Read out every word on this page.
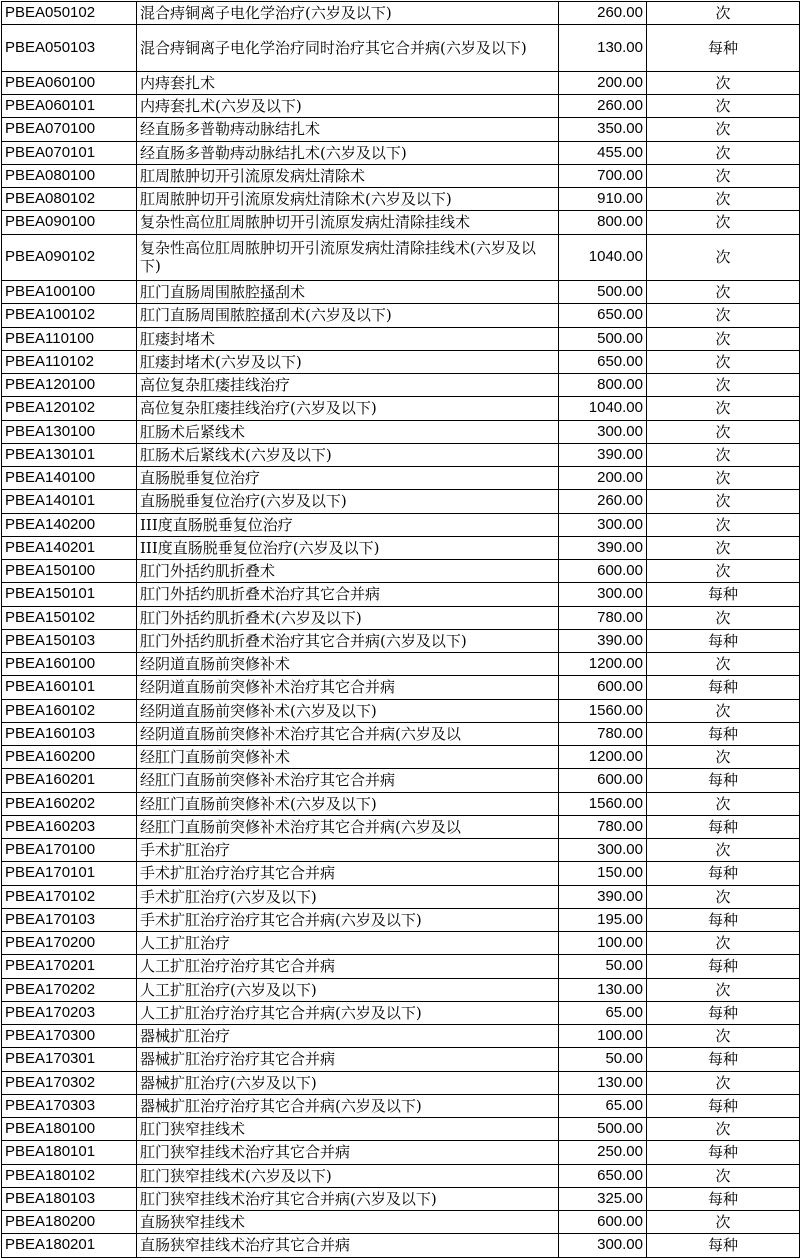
PBEA050102	混合痔铜离子电化学治疗(六岁及以下)	260.00	次
PBEA050103	混合痔铜离子电化学治疗同时治疗其它合并病(六岁及以下)	130.00	每种
PBEA060100	内痔套扎术	200.00	次
PBEA060101	内痔套扎术(六岁及以下)	260.00	次
PBEA070100	经直肠多普勒痔动脉结扎术	350.00	次
PBEA070101	经直肠多普勒痔动脉结扎术(六岁及以下)	455.00	次
PBEA080100	肛周脓肿切开引流原发病灶清除术	700.00	次
PBEA080102	肛周脓肿切开引流原发病灶清除术(六岁及以下)	910.00	次
PBEA090100	复杂性高位肛周脓肿切开引流原发病灶清除挂线术	800.00	次
PBEA090102	复杂性高位肛周脓肿切开引流原发病灶清除挂线术(六岁及以下)	1040.00	次
PBEA100100	肛门直肠周围脓腔搔刮术	500.00	次
PBEA100102	肛门直肠周围脓腔搔刮术(六岁及以下)	650.00	次
PBEA110100	肛瘘封堵术	500.00	次
PBEA110102	肛瘘封堵术(六岁及以下)	650.00	次
PBEA120100	高位复杂肛瘘挂线治疗	800.00	次
PBEA120102	高位复杂肛瘘挂线治疗(六岁及以下)	1040.00	次
PBEA130100	肛肠术后紧线术	300.00	次
PBEA130101	肛肠术后紧线术(六岁及以下)	390.00	次
PBEA140100	直肠脱垂复位治疗	200.00	次
PBEA140101	直肠脱垂复位治疗(六岁及以下)	260.00	次
PBEA140200	III度直肠脱垂复位治疗	300.00	次
PBEA140201	III度直肠脱垂复位治疗(六岁及以下)	390.00	次
PBEA150100	肛门外括约肌折叠术	600.00	次
PBEA150101	肛门外括约肌折叠术治疗其它合并病	300.00	每种
PBEA150102	肛门外括约肌折叠术(六岁及以下)	780.00	次
PBEA150103	肛门外括约肌折叠术治疗其它合并病(六岁及以下)	390.00	每种
PBEA160100	经阴道直肠前突修补术	1200.00	次
PBEA160101	经阴道直肠前突修补术治疗其它合并病	600.00	每种
PBEA160102	经阴道直肠前突修补术(六岁及以下)	1560.00	次
PBEA160103	经阴道直肠前突修补术治疗其它合并病(六岁及以	780.00	每种
PBEA160200	经肛门直肠前突修补术	1200.00	次
PBEA160201	经肛门直肠前突修补术治疗其它合并病	600.00	每种
PBEA160202	经肛门直肠前突修补术(六岁及以下)	1560.00	次
PBEA160203	经肛门直肠前突修补术治疗其它合并病(六岁及以	780.00	每种
PBEA170100	手术扩肛治疗	300.00	次
PBEA170101	手术扩肛治疗治疗其它合并病	150.00	每种
PBEA170102	手术扩肛治疗(六岁及以下)	390.00	次
PBEA170103	手术扩肛治疗治疗其它合并病(六岁及以下)	195.00	每种
PBEA170200	人工扩肛治疗	100.00	次
PBEA170201	人工扩肛治疗治疗其它合并病	50.00	每种
PBEA170202	人工扩肛治疗(六岁及以下)	130.00	次
PBEA170203	人工扩肛治疗治疗其它合并病(六岁及以下)	65.00	每种
PBEA170300	器械扩肛治疗	100.00	次
PBEA170301	器械扩肛治疗治疗其它合并病	50.00	每种
PBEA170302	器械扩肛治疗(六岁及以下)	130.00	次
PBEA170303	器械扩肛治疗治疗其它合并病(六岁及以下)	65.00	每种
PBEA180100	肛门狭窄挂线术	500.00	次
PBEA180101	肛门狭窄挂线术治疗其它合并病	250.00	每种
PBEA180102	肛门狭窄挂线术(六岁及以下)	650.00	次
PBEA180103	肛门狭窄挂线术治疗其它合并病(六岁及以下)	325.00	每种
PBEA180200	直肠狭窄挂线术	600.00	次
PBEA180201	直肠狭窄挂线术治疗其它合并病	300.00	每种
